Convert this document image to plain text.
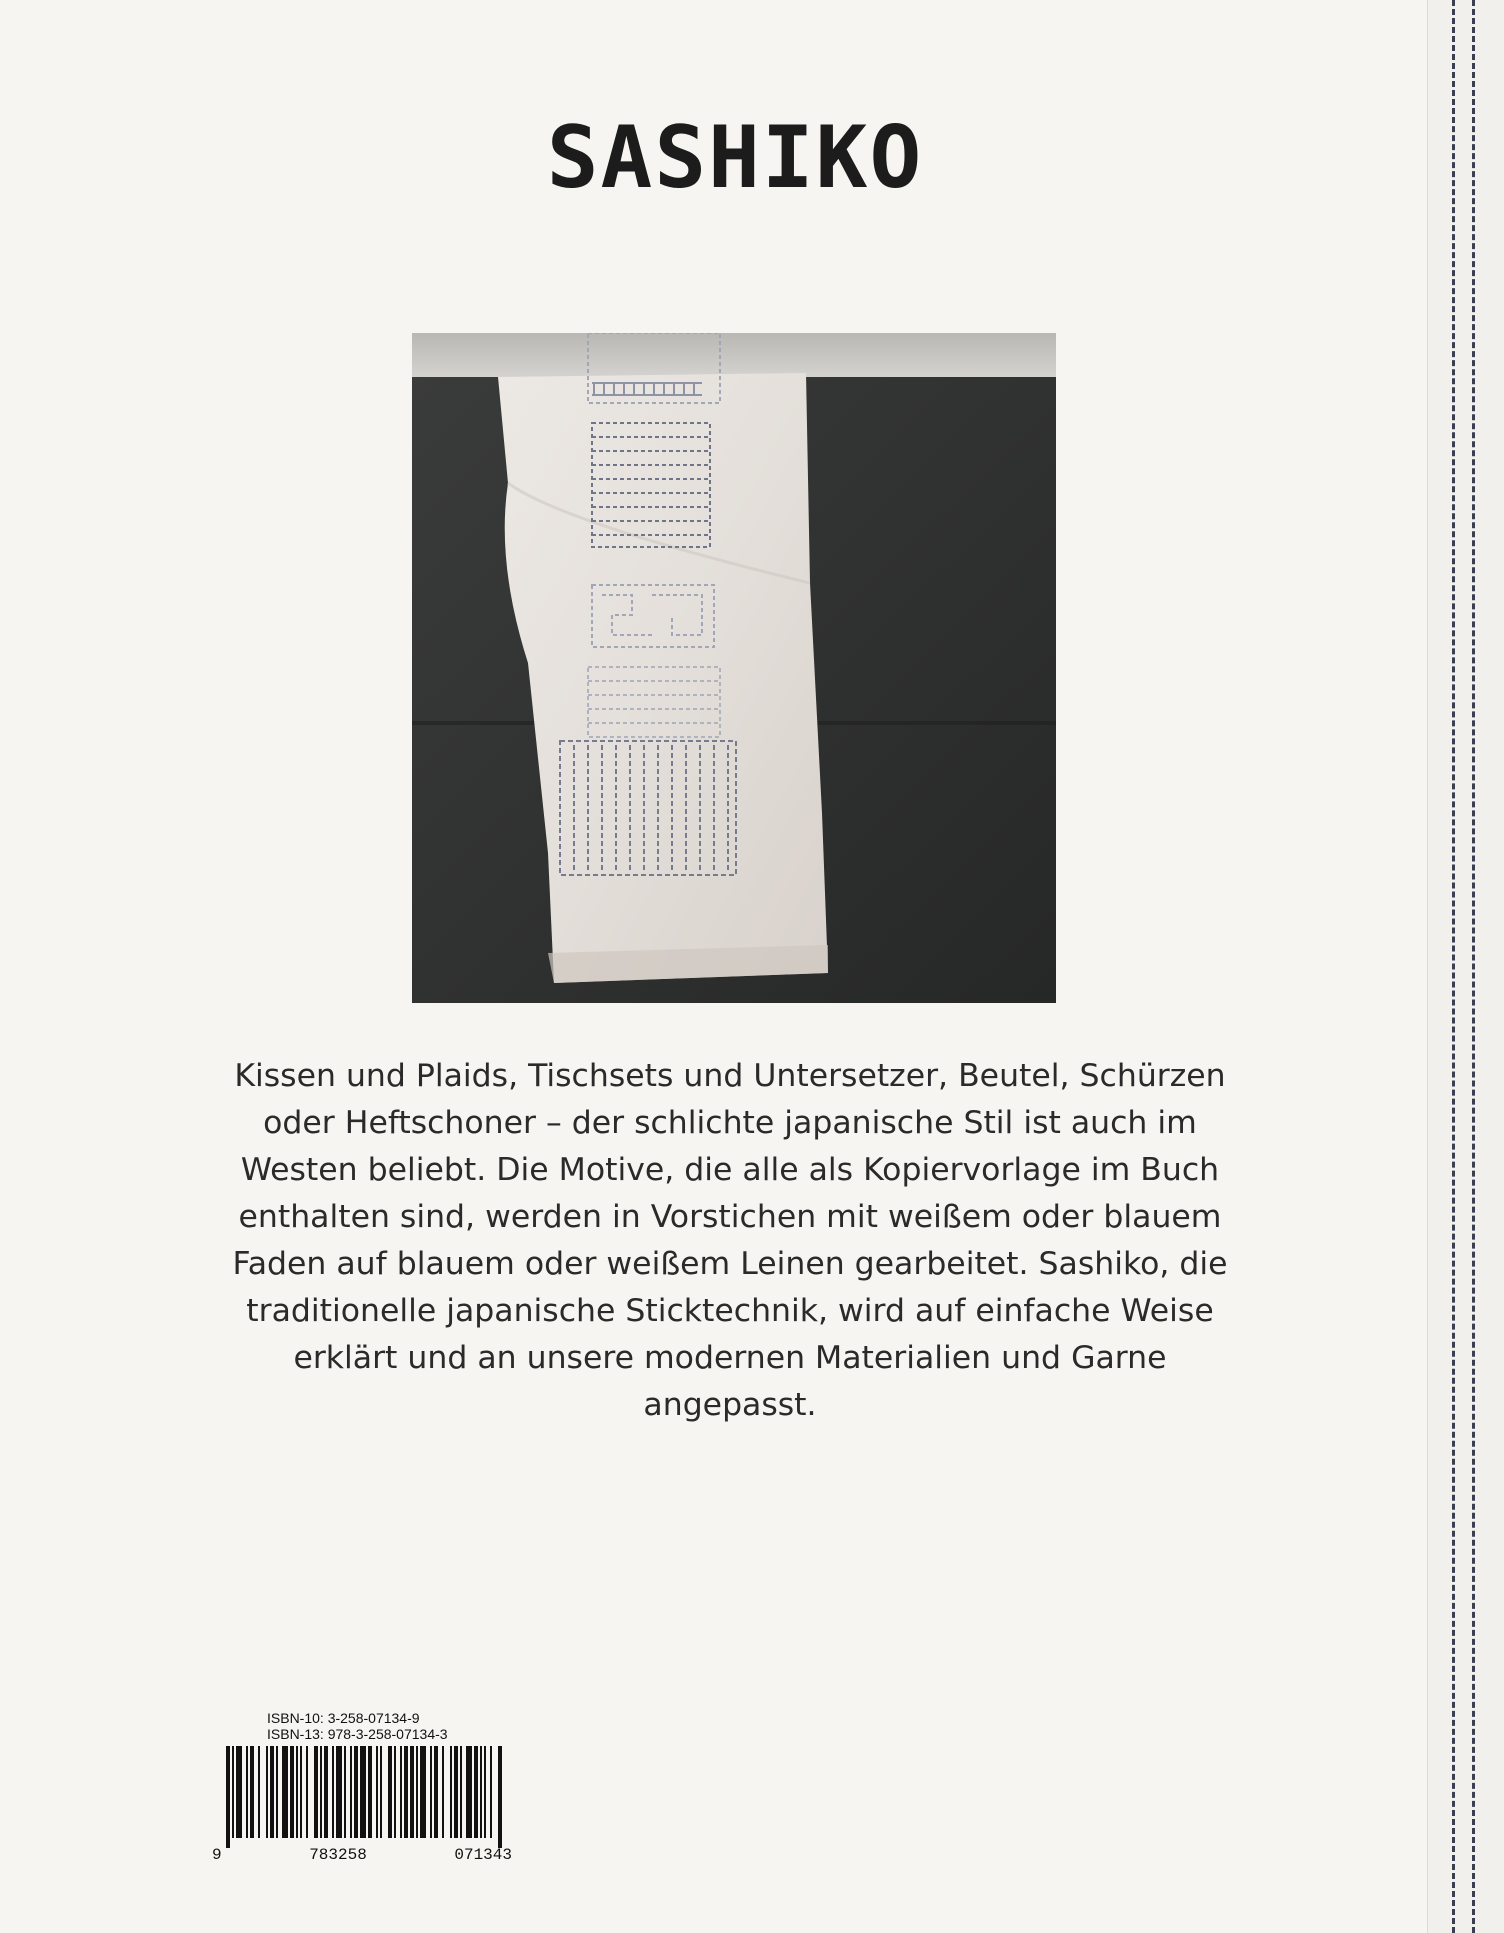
SASHIKO

Kissen und Plaids, Tischsets und Untersetzer, Beutel, Schürzen oder Heftschoner – der schlichte japanische Stil ist auch im Westen beliebt. Die Motive, die alle als Kopiervorlage im Buch enthalten sind, werden in Vorstichen mit weißem oder blauem Faden auf blauem oder weißem Leinen gearbeitet. Sashiko, die traditionelle japanische Sticktechnik, wird auf einfache Weise erklärt und an unsere modernen Materialien und Garne angepasst.

ISBN-10: 3-258-07134-9
ISBN-13: 978-3-258-07134-3
9	783258	071343
